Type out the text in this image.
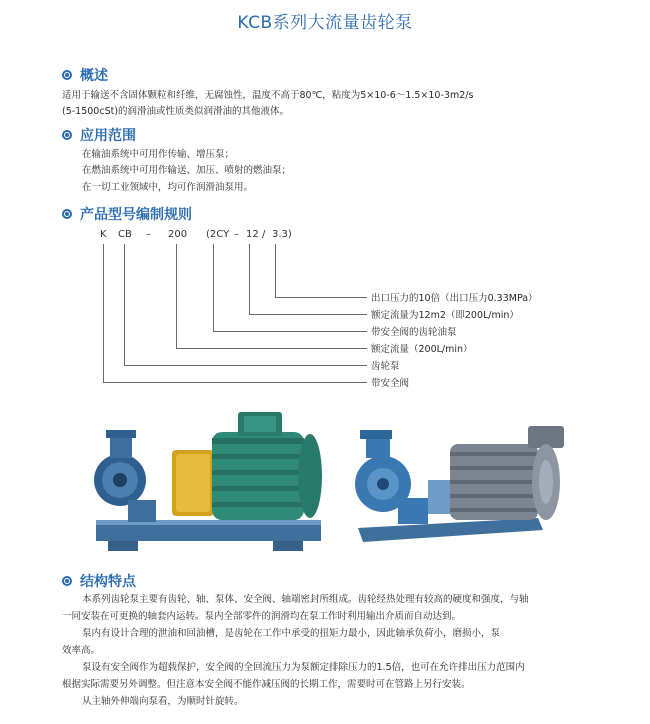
KCB系列大流量齿轮泵
概述
适用于输送不含固体颗粒和纤维，无腐蚀性，温度不高于80℃，粘度为5×10-6～1.5×10-3m2/s
(5-1500cSt)的润滑油或性质类似润滑油的其他液体。
应用范围
在输油系统中可用作传输、增压泵；
在燃油系统中可用作输送、加压、喷射的燃油泵；
在一切工业领域中，均可作润滑油泵用。
产品型号编制规则
K CB – 200 (2CY – 12 / 3.3)
出口压力的10倍（出口压力0.33MPa）
额定流量为12m2（即200L/min）
带安全阀的齿轮油泵
额定流量（200L/min）
齿轮泵
带安全阀
结构特点
本系列齿轮泵主要有齿轮、轴、泵体、安全阀、轴端密封所组成。齿轮经热处理有较高的硬度和强度，与轴
一同安装在可更换的轴套内运转。泵内全部零件的润滑均在泵工作时利用输出介质而自动达到。
泵内有设计合理的泄油和回油槽，是齿轮在工作中承受的扭矩力最小，因此轴承负荷小，磨损小，泵
效率高。
泵设有安全阀作为超载保护，安全阀的全回流压力为泵额定排除压力的1.5倍，也可在允许排出压力范围内
根据实际需要另外调整。但注意本安全阀不能作减压阀的长期工作，需要时可在管路上另行安装。
从主轴外伸端向泵看，为顺时针旋转。
